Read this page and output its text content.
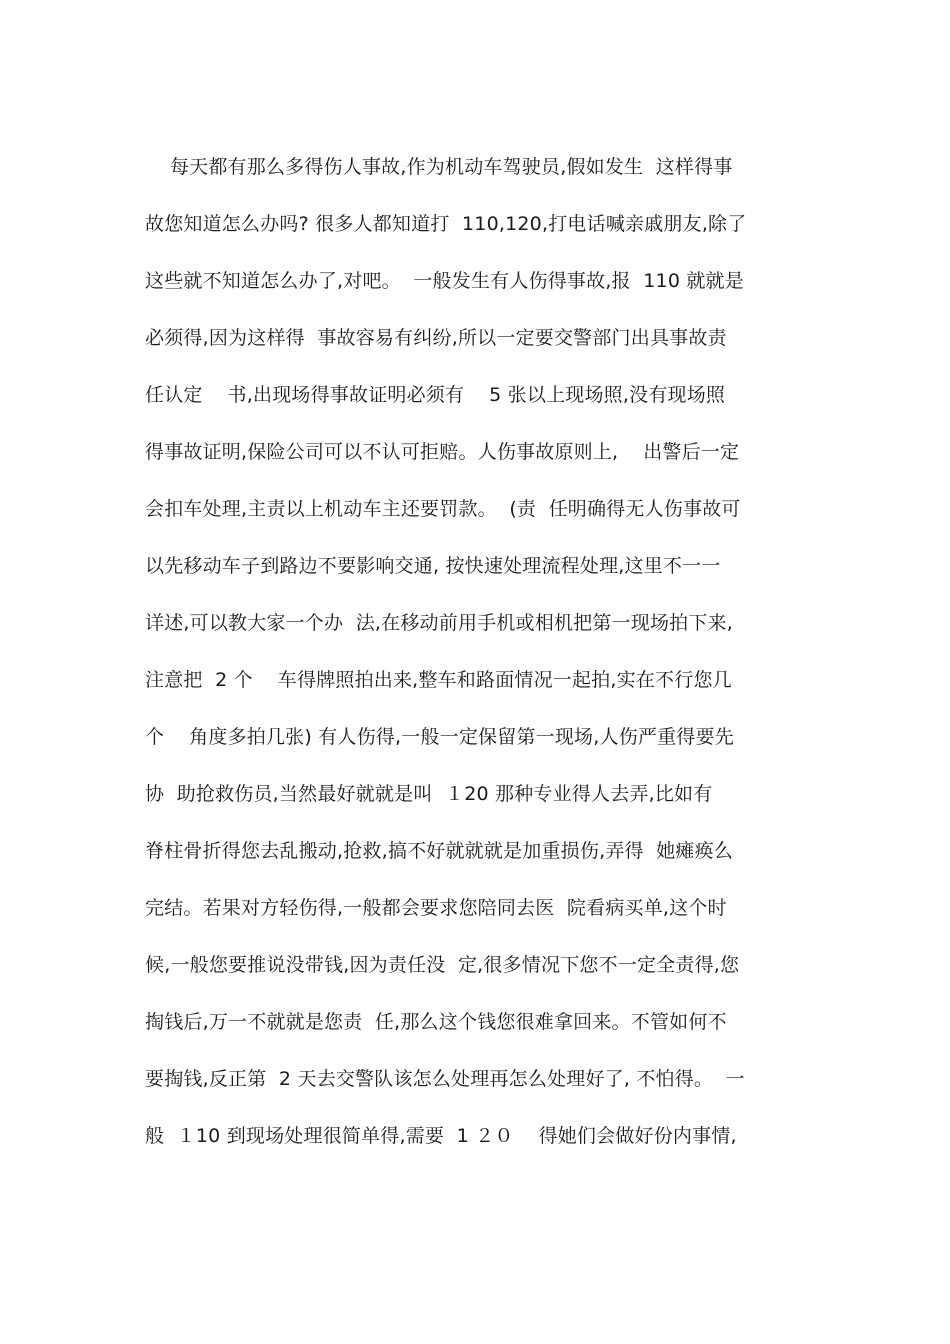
每天都有那么多得伤人事故,作为机动车驾驶员,假如发生  这样得事
故您知道怎么办吗? 很多人都知道打  110,120,打电话喊亲戚朋友,除了
这些就不知道怎么办了,对吧。  一般发生有人伤得事故,报  110 就就是
必须得,因为这样得  事故容易有纠纷,所以一定要交警部门出具事故责
任认定    书,出现场得事故证明必须有    5 张以上现场照,没有现场照
得事故证明,保险公司可以不认可拒赔。人伤事故原则上,    出警后一定
会扣车处理,主责以上机动车主还要罚款。  (责  任明确得无人伤事故可
以先移动车子到路边不要影响交通, 按快速处理流程处理,这里不一一
详述,可以教大家一个办  法,在移动前用手机或相机把第一现场拍下来,
注意把  2 个    车得牌照拍出来,整车和路面情况一起拍,实在不行您几
个    角度多拍几张) 有人伤得,一般一定保留第一现场,人伤严重得要先
协  助抢救伤员,当然最好就就是叫  １20 那种专业得人去弄,比如有
脊柱骨折得您去乱搬动,抢救,搞不好就就就是加重损伤,弄得  她瘫痪么
完结。若果对方轻伤得,一般都会要求您陪同去医  院看病买单,这个时
候,一般您要推说没带钱,因为责任没  定,很多情况下您不一定全责得,您
掏钱后,万一不就就是您责  任,那么这个钱您很难拿回来。不管如何不
要掏钱,反正第  2 天去交警队该怎么处理再怎么处理好了, 不怕得。  一
般  １10 到现场处理很简单得,需要  1 ２０    得她们会做好份内事情,
